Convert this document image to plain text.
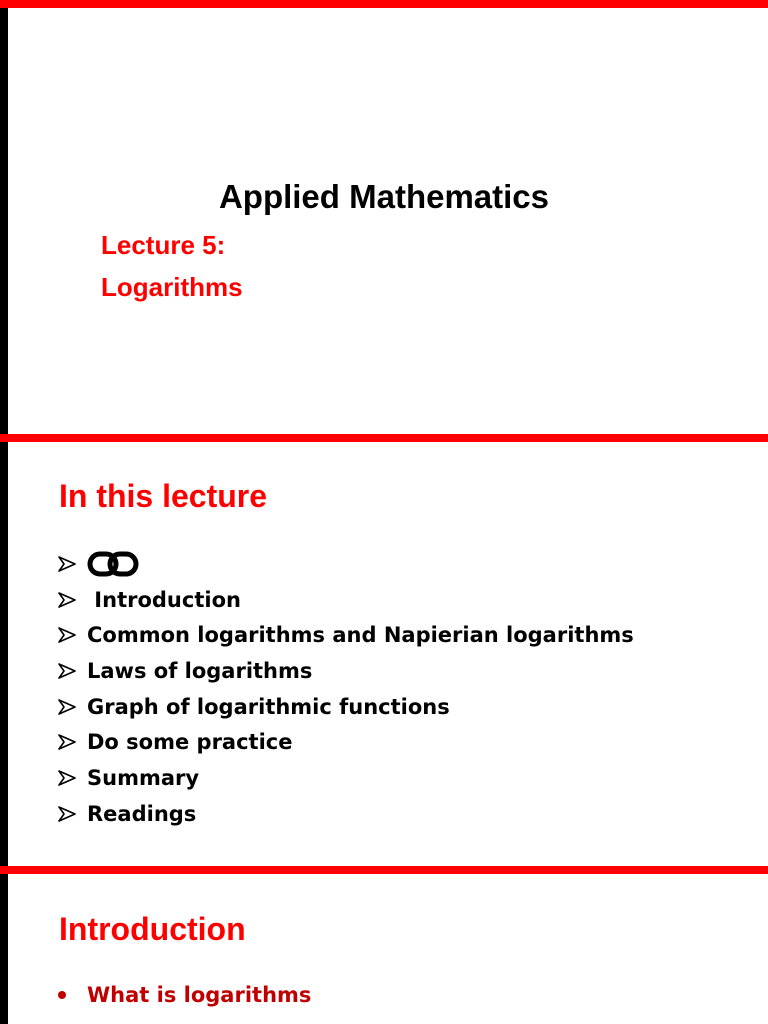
Applied Mathematics
Lecture 5:
Logarithms
In this lecture
Introduction
Common logarithms and Napierian logarithms
Laws of logarithms
Graph of logarithmic functions
Do some practice
Summary
Readings
Introduction
What is logarithms
